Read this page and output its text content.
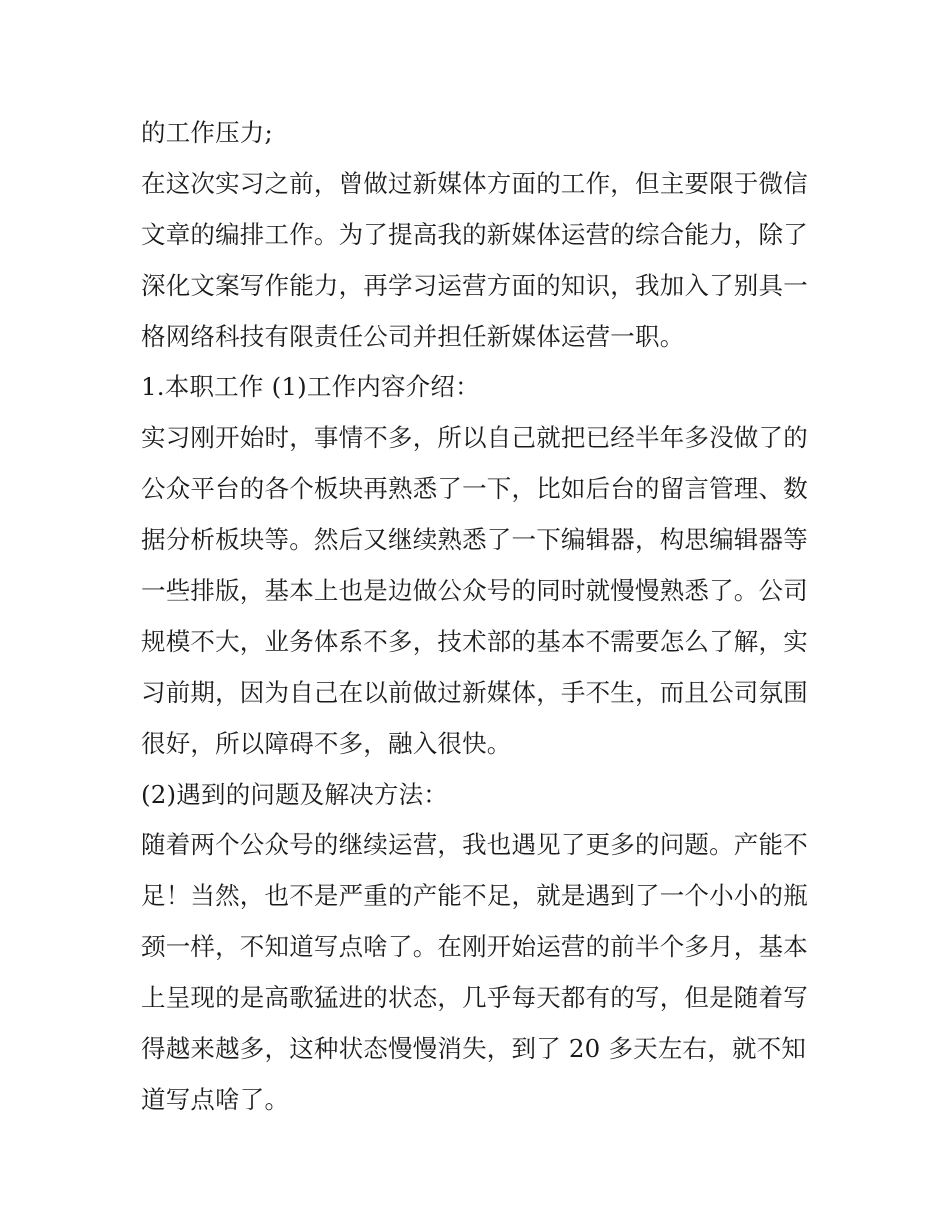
的工作压力;
在这次实习之前，曾做过新媒体方面的工作，但主要限于微信
文章的编排工作。为了提高我的新媒体运营的综合能力，除了
深化文案写作能力，再学习运营方面的知识，我加入了别具一
格网络科技有限责任公司并担任新媒体运营一职。
1.本职工作 (1)工作内容介绍：
实习刚开始时，事情不多，所以自己就把已经半年多没做了的
公众平台的各个板块再熟悉了一下，比如后台的留言管理、数
据分析板块等。然后又继续熟悉了一下编辑器，构思编辑器等
一些排版，基本上也是边做公众号的同时就慢慢熟悉了。公司
规模不大，业务体系不多，技术部的基本不需要怎么了解，实
习前期，因为自己在以前做过新媒体，手不生，而且公司氛围
很好，所以障碍不多，融入很快。
(2)遇到的问题及解决方法：
随着两个公众号的继续运营，我也遇见了更多的问题。产能不
足！当然，也不是严重的产能不足，就是遇到了一个小小的瓶
颈一样，不知道写点啥了。在刚开始运营的前半个多月，基本
上呈现的是高歌猛进的状态，几乎每天都有的写，但是随着写
得越来越多，这种状态慢慢消失，到了 20 多天左右，就不知
道写点啥了。
